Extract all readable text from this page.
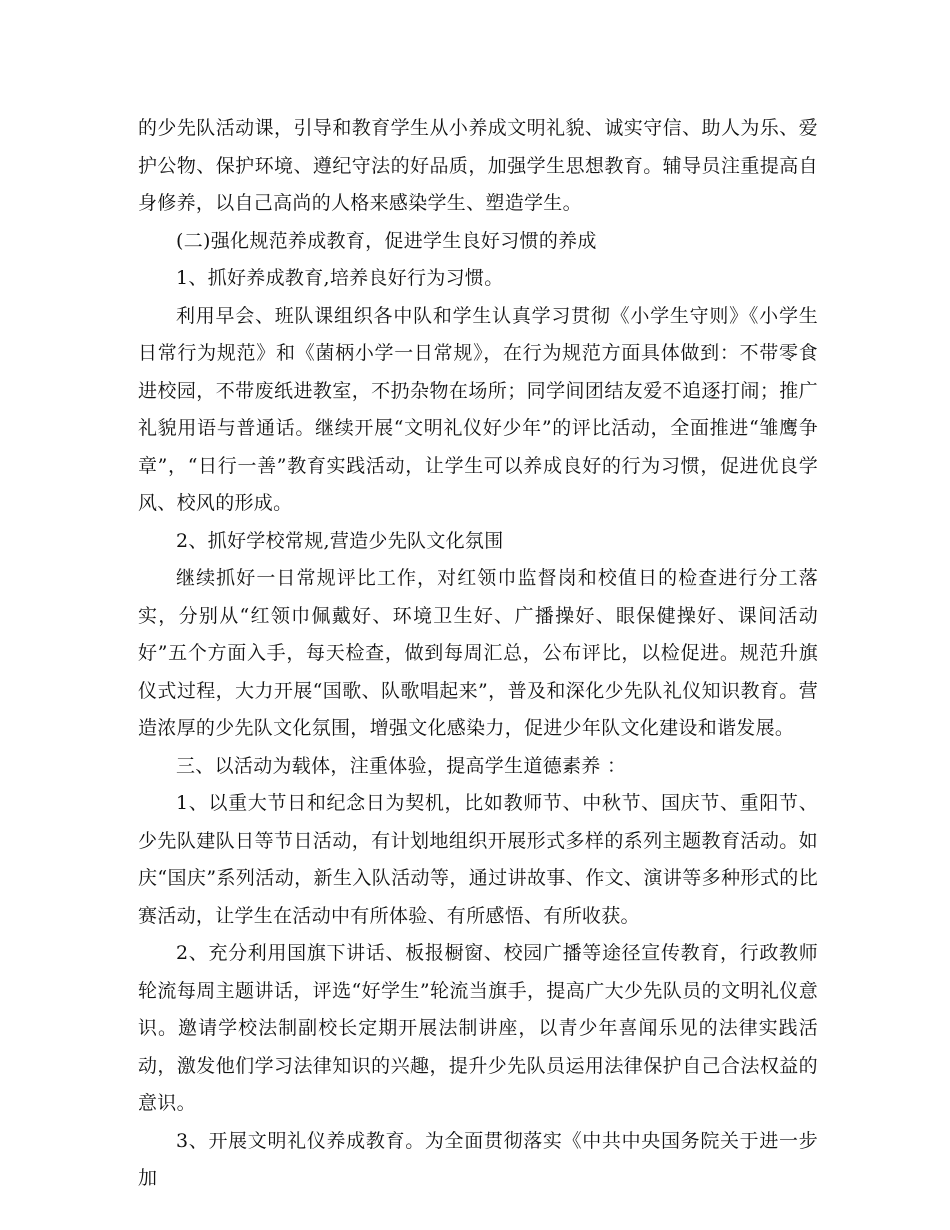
的少先队活动课，引导和教育学生从小养成文明礼貌、诚实守信、助人为乐、爱护公物、保护环境、遵纪守法的好品质，加强学生思想教育。辅导员注重提高自身修养，以自己高尚的人格来感染学生、塑造学生。

(二)强化规范养成教育，促进学生良好习惯的养成

1、抓好养成教育,培养良好行为习惯。

利用早会、班队课组织各中队和学生认真学习贯彻《小学生守则》《小学生日常行为规范》和《菌柄小学一日常规》，在行为规范方面具体做到：不带零食进校园，不带废纸进教室，不扔杂物在场所；同学间团结友爱不追逐打闹；推广礼貌用语与普通话。继续开展“文明礼仪好少年”的评比活动，全面推进“雏鹰争章”，“日行一善”教育实践活动，让学生可以养成良好的行为习惯，促进优良学风、校风的形成。

2、抓好学校常规,营造少先队文化氛围

继续抓好一日常规评比工作，对红领巾监督岗和校值日的检查进行分工落实，分别从“红领巾佩戴好、环境卫生好、广播操好、眼保健操好、课间活动好”五个方面入手，每天检查，做到每周汇总，公布评比，以检促进。规范升旗仪式过程，大力开展“国歌、队歌唱起来”，普及和深化少先队礼仪知识教育。营造浓厚的少先队文化氛围，增强文化感染力，促进少年队文化建设和谐发展。

三、以活动为载体，注重体验，提高学生道德素养 ：

1、以重大节日和纪念日为契机，比如教师节、中秋节、国庆节、重阳节、少先队建队日等节日活动，有计划地组织开展形式多样的系列主题教育活动。如庆“国庆”系列活动，新生入队活动等，通过讲故事、作文、演讲等多种形式的比赛活动，让学生在活动中有所体验、有所感悟、有所收获。

2、充分利用国旗下讲话、板报橱窗、校园广播等途径宣传教育，行政教师轮流每周主题讲话，评选“好学生”轮流当旗手，提高广大少先队员的文明礼仪意识。邀请学校法制副校长定期开展法制讲座，以青少年喜闻乐见的法律实践活动，激发他们学习法律知识的兴趣，提升少先队员运用法律保护自己合法权益的意识。

3、开展文明礼仪养成教育。为全面贯彻落实《中共中央国务院关于进一步加
